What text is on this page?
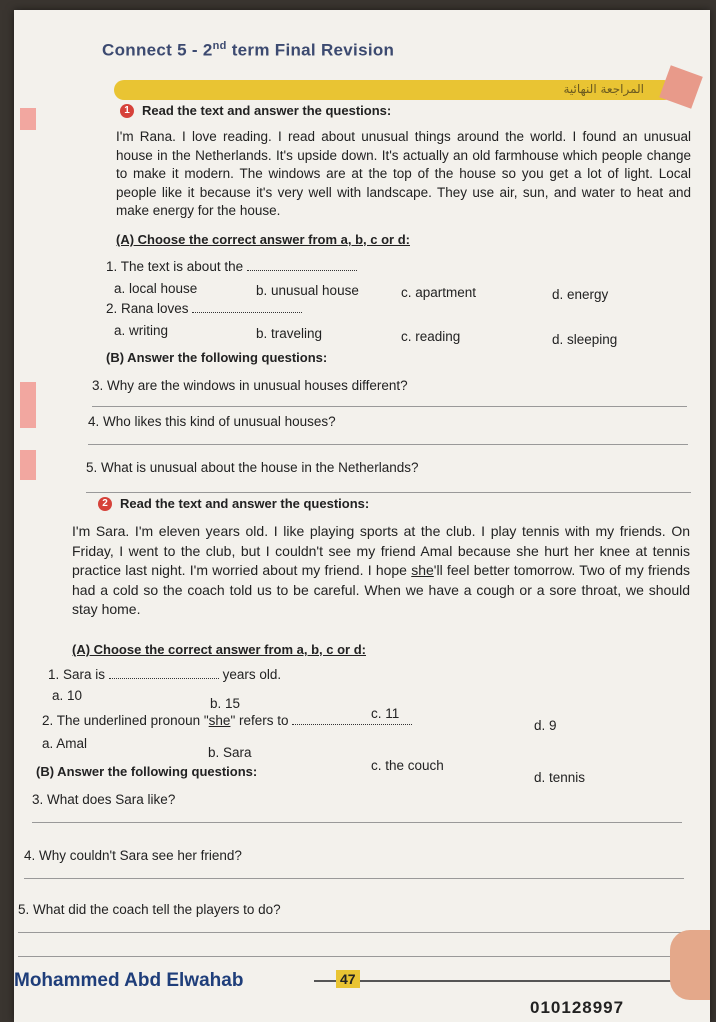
Connect 5 - 2nd term Final Revision
المراجعة النهائية
1 Read the text and answer the questions:
I'm Rana. I love reading. I read about unusual things around the world. I found an unusual house in the Netherlands. It's upside down. It's actually an old farmhouse which people change to make it modern. The windows are at the top of the house so you get a lot of light. Local people like it because it's very well with landscape. They use air, sun, and water to heat and make energy for the house.
(A) Choose the correct answer from a, b, c or d:
1. The text is about the
a. local house	b. unusual house	c. apartment	d. energy
2. Rana loves
a. writing	b. traveling	c. reading	d. sleeping
(B) Answer the following questions:
3. Why are the windows in unusual houses different?
4. Who likes this kind of unusual houses?
5. What is unusual about the house in the Netherlands?
2 Read the text and answer the questions:
I'm Sara. I'm eleven years old. I like playing sports at the club. I play tennis with my friends. On Friday, I went to the club, but I couldn't see my friend Amal because she hurt her knee at tennis practice last night. I'm worried about my friend. I hope she'll feel better tomorrow. Two of my friends had a cold so the coach told us to be careful. When we have a cough or a sore throat, we should stay home.
(A) Choose the correct answer from a, b, c or d:
1. Sara is	years old.
a. 10
b. 15
c. 11
d. 9
2. The underlined pronoun "she" refers to
a. Amal
b. Sara
c. the couch
d. tennis
(B) Answer the following questions:
3. What does Sara like?
4. Why couldn't Sara see her friend?
5. What did the coach tell the players to do?
Mohammed Abd Elwahab	47
010128997
